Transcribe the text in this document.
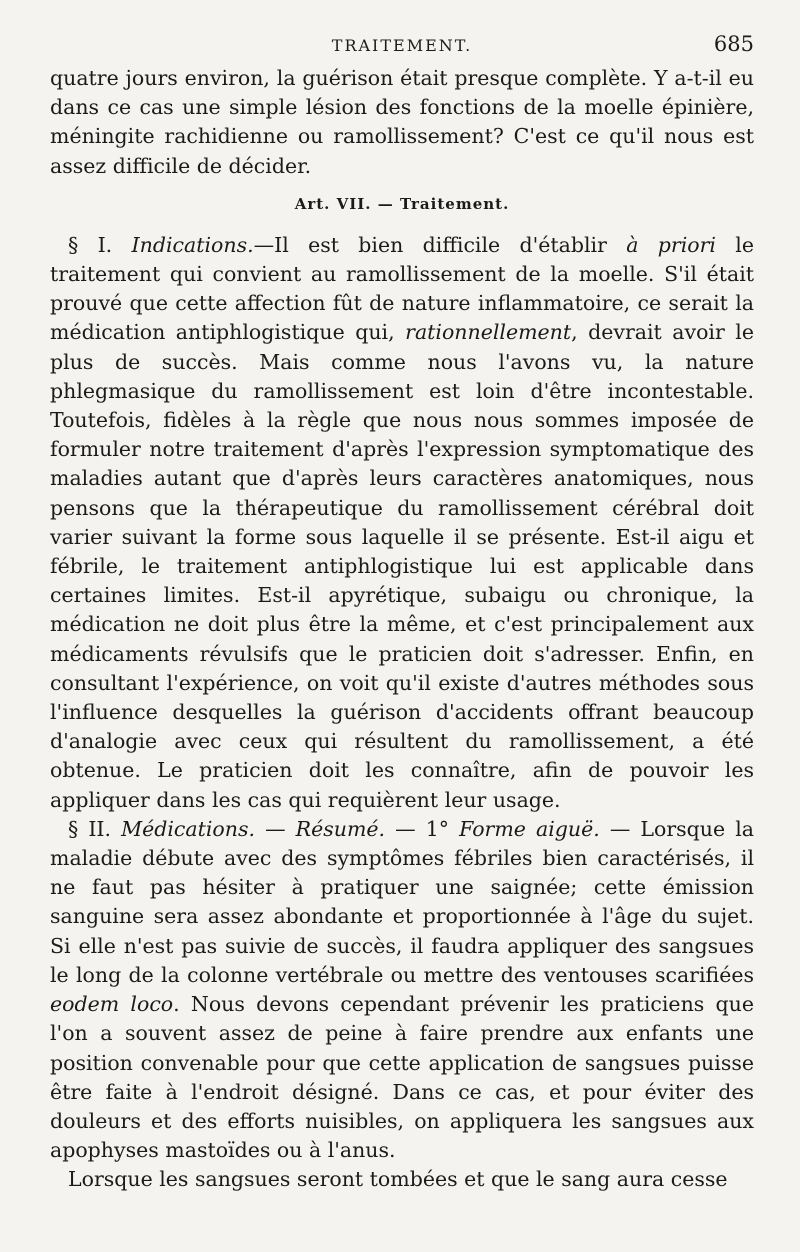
TRAITEMENT.	685

quatre jours environ, la guérison était presque complète. Y a-t-il eu dans ce cas une simple lésion des fonctions de la moelle épinière, méningite rachidienne ou ramollissement? C'est ce qu'il nous est assez difficile de décider.

Art. VII. — Traitement.

§ I. Indications.—Il est bien difficile d'établir à priori le traitement qui convient au ramollissement de la moelle. S'il était prouvé que cette affection fût de nature inflammatoire, ce serait la médication antiphlogistique qui, rationnellement, devrait avoir le plus de succès. Mais comme nous l'avons vu, la nature phlegmasique du ramollissement est loin d'être incontestable. Toutefois, fidèles à la règle que nous nous sommes imposée de formuler notre traitement d'après l'expression symptomatique des maladies autant que d'après leurs caractères anatomiques, nous pensons que la thérapeutique du ramollissement cérébral doit varier suivant la forme sous laquelle il se présente. Est-il aigu et fébrile, le traitement antiphlogistique lui est applicable dans certaines limites. Est-il apyrétique, subaigu ou chronique, la médication ne doit plus être la même, et c'est principalement aux médicaments révulsifs que le praticien doit s'adresser. Enfin, en consultant l'expérience, on voit qu'il existe d'autres méthodes sous l'influence desquelles la guérison d'accidents offrant beaucoup d'analogie avec ceux qui résultent du ramollissement, a été obtenue. Le praticien doit les connaître, afin de pouvoir les appliquer dans les cas qui requièrent leur usage.

§ II. Médications. — Résumé. — 1° Forme aiguë. — Lorsque la maladie débute avec des symptômes fébriles bien caractérisés, il ne faut pas hésiter à pratiquer une saignée; cette émission sanguine sera assez abondante et proportionnée à l'âge du sujet. Si elle n'est pas suivie de succès, il faudra appliquer des sangsues le long de la colonne vertébrale ou mettre des ventouses scarifiées eodem loco. Nous devons cependant prévenir les praticiens que l'on a souvent assez de peine à faire prendre aux enfants une position convenable pour que cette application de sangsues puisse être faite à l'endroit désigné. Dans ce cas, et pour éviter des douleurs et des efforts nuisibles, on appliquera les sangsues aux apophyses mastoïdes ou à l'anus.

Lorsque les sangsues seront tombées et que le sang aura cesse
